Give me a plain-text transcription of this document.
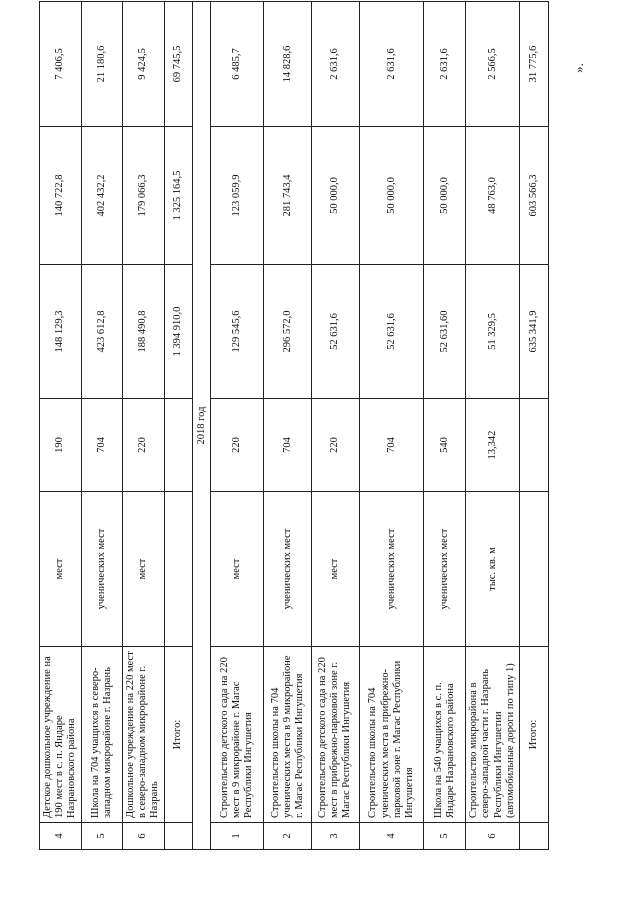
4	Детское дошкольное учреждение на 190 мест в с. п. Яндаре Назрановского района	мест	190	148 129,3	140 722,8	7 406,5
5	Школа на 704 учащихся в северо-западном микрорайоне г. Назрань	ученических мест	704	423 612,8	402 432,2	21 180,6
6	Дошкольное учреждение на 220 мест в северо-западном микрорайоне г. Назрань	мест	220	188 490,8	179 066,3	9 424,5
	Итого:			1 394 910,0	1 325 164,5	69 745,5
2018 год						
1	Строительство детского сада на 220 мест в 9 микрорайоне г. Магас Республики Ингушетия	мест	220	129 545,6	123 059,9	6 485,7
2	Строительство школы на 704 ученических места в 9 микрорайоне г. Магас Республики Ингушетия	ученических мест	704	296 572,0	281 743,4	14 828,6
3	Строительство детского сада на 220 мест в прибрежно-парковой зоне г. Магас Республики Ингушетия	мест	220	52 631,6	50 000,0	2 631,6
4	Строительство школы на 704 ученических места в прибрежно-парковой зоне г. Магас Республики Ингушетия	ученических мест	704	52 631,6	50 000,0	2 631,6
5	Школа на 540 учащихся в с. п. Яндаре Назрановского района	ученических мест	540	52 631,60	50 000,0	2 631,6
6	Строительство микрорайона в северо-западной части г. Назрань Республики Ингушетии (автомобильные дороги по типу 1)	тыс. кв. м	13,342	51 329,5	48 763,0	2 566,5
	Итого:			635 341,9	603 566,3	31 775,6 ».
